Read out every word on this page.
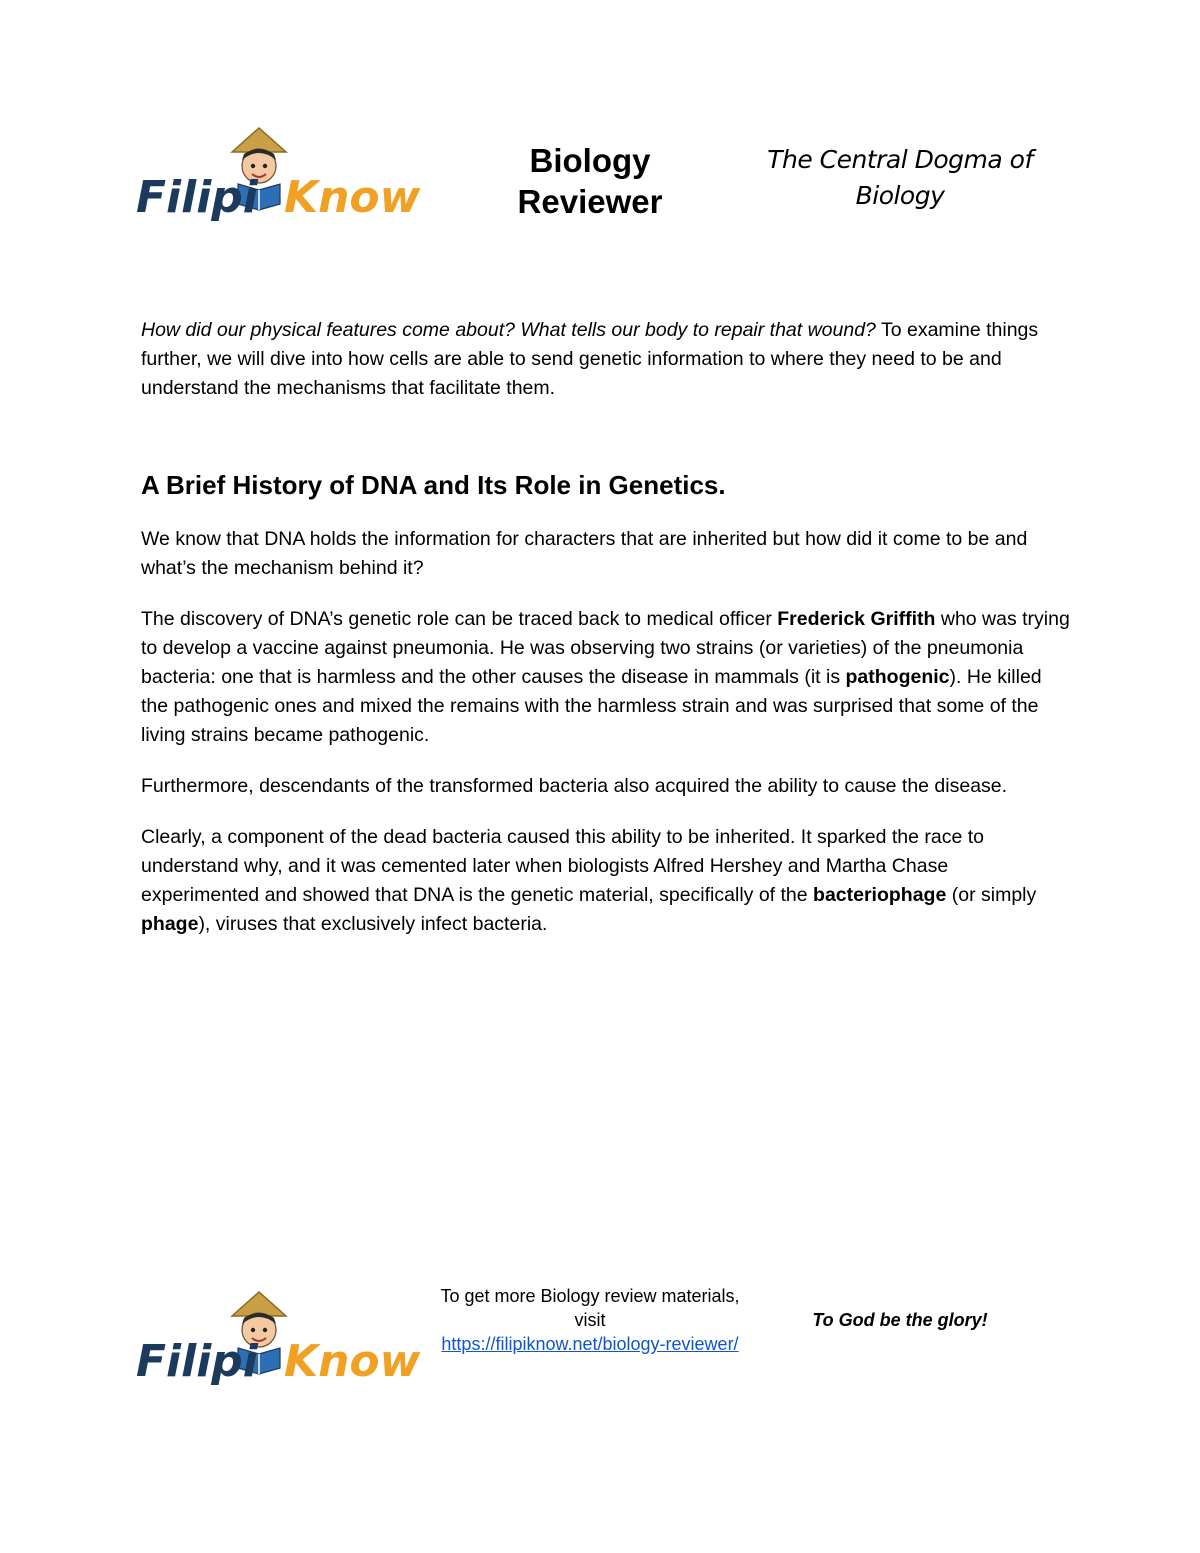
Filipi Know
Biology Reviewer
The Central Dogma of Biology

How did our physical features come about? What tells our body to repair that wound? To examine things further, we will dive into how cells are able to send genetic information to where they need to be and understand the mechanisms that facilitate them.

A Brief History of DNA and Its Role in Genetics.

We know that DNA holds the information for characters that are inherited but how did it come to be and what’s the mechanism behind it?

The discovery of DNA’s genetic role can be traced back to medical officer Frederick Griffith who was trying to develop a vaccine against pneumonia. He was observing two strains (or varieties) of the pneumonia bacteria: one that is harmless and the other causes the disease in mammals (it is pathogenic). He killed the pathogenic ones and mixed the remains with the harmless strain and was surprised that some of the living strains became pathogenic.

Furthermore, descendants of the transformed bacteria also acquired the ability to cause the disease.

Clearly, a component of the dead bacteria caused this ability to be inherited. It sparked the race to understand why, and it was cemented later when biologists Alfred Hershey and Martha Chase experimented and showed that DNA is the genetic material, specifically of the bacteriophage (or simply phage), viruses that exclusively infect bacteria.

Filipi Know
To get more Biology review materials, visit
https://filipiknow.net/biology-reviewer/
To God be the glory!
